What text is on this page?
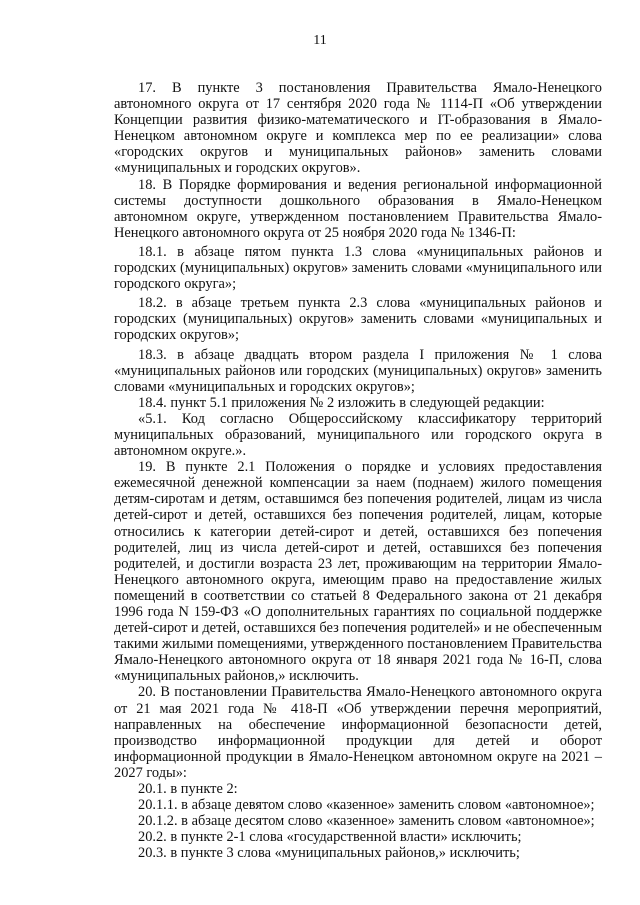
11

17. В пункте 3 постановления Правительства Ямало-Ненецкого автономного округа от 17 сентября 2020 года № 1114-П «Об утверждении Концепции развития физико-математического и IT-образования в Ямало-Ненецком автономном округе и комплекса мер по ее реализации» слова «городских округов и муниципальных районов» заменить словами «муниципальных и городских округов».

18. В Порядке формирования и ведения региональной информационной системы доступности дошкольного образования в Ямало-Ненецком автономном округе, утвержденном постановлением Правительства Ямало-Ненецкого автономного округа от 25 ноября 2020 года № 1346-П:

18.1. в абзаце пятом пункта 1.3 слова «муниципальных районов и городских (муниципальных) округов» заменить словами «муниципального или городского округа»;

18.2. в абзаце третьем пункта 2.3 слова «муниципальных районов и городских (муниципальных) округов» заменить словами «муниципальных и городских округов»;

18.3. в абзаце двадцать втором раздела I приложения № 1 слова «муниципальных районов или городских (муниципальных) округов» заменить словами «муниципальных и городских округов»;

18.4. пункт 5.1 приложения № 2 изложить в следующей редакции:

«5.1. Код согласно Общероссийскому классификатору территорий муниципальных образований, муниципального или городского округа в автономном округе.».

19. В пункте 2.1 Положения о порядке и условиях предоставления ежемесячной денежной компенсации за наем (поднаем) жилого помещения детям-сиротам и детям, оставшимся без попечения родителей, лицам из числа детей-сирот и детей, оставшихся без попечения родителей, лицам, которые относились к категории детей-сирот и детей, оставшихся без попечения родителей, лиц из числа детей-сирот и детей, оставшихся без попечения родителей, и достигли возраста 23 лет, проживающим на территории Ямало-Ненецкого автономного округа, имеющим право на предоставление жилых помещений в соответствии со статьей 8 Федерального закона от 21 декабря 1996 года N 159-ФЗ «О дополнительных гарантиях по социальной поддержке детей-сирот и детей, оставшихся без попечения родителей» и не обеспеченным такими жилыми помещениями, утвержденного постановлением Правительства Ямало-Ненецкого автономного округа от 18 января 2021 года № 16-П, слова «муниципальных районов,» исключить.

20. В постановлении Правительства Ямало-Ненецкого автономного округа от 21 мая 2021 года № 418-П «Об утверждении перечня мероприятий, направленных на обеспечение информационной безопасности детей, производство информационной продукции для детей и оборот информационной продукции в Ямало-Ненецком автономном округе на 2021 – 2027 годы»:

20.1. в пункте 2:

20.1.1. в абзаце девятом слово «казенное» заменить словом «автономное»;

20.1.2. в абзаце десятом слово «казенное» заменить словом «автономное»;

20.2. в пункте 2-1 слова «государственной власти» исключить;

20.3. в пункте 3 слова «муниципальных районов,» исключить;
